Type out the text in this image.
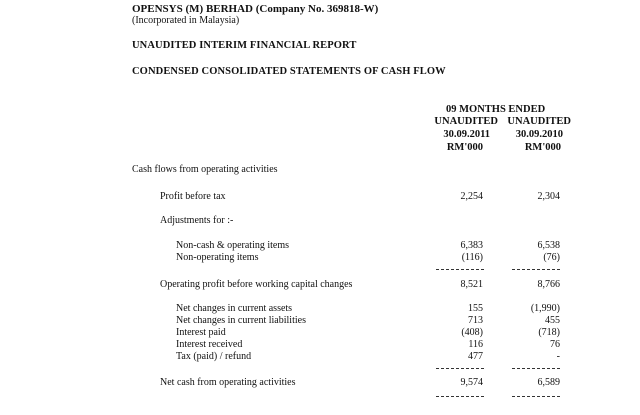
OPENSYS (M) BERHAD (Company No. 369818-W)
(Incorporated in Malaysia)
UNAUDITED INTERIM FINANCIAL REPORT
CONDENSED CONSOLIDATED STATEMENTS OF CASH FLOW
09 MONTHS ENDED
UNAUDITED UNAUDITED
30.09.2011	30.09.2010
RM'000	RM'000
Cash flows from operating activities
Profit before tax	2,254	2,304
Adjustments for :-
Non-cash & operating items	6,383	6,538
Non-operating items	(116)	(76)
Operating profit before working capital changes	8,521	8,766
Net changes in current assets	155	(1,990)
Net changes in current liabilities	713	455
Interest paid	(408)	(718)
Interest received	116	76
Tax (paid) / refund	477	-
Net cash from operating activities	9,574	6,589
